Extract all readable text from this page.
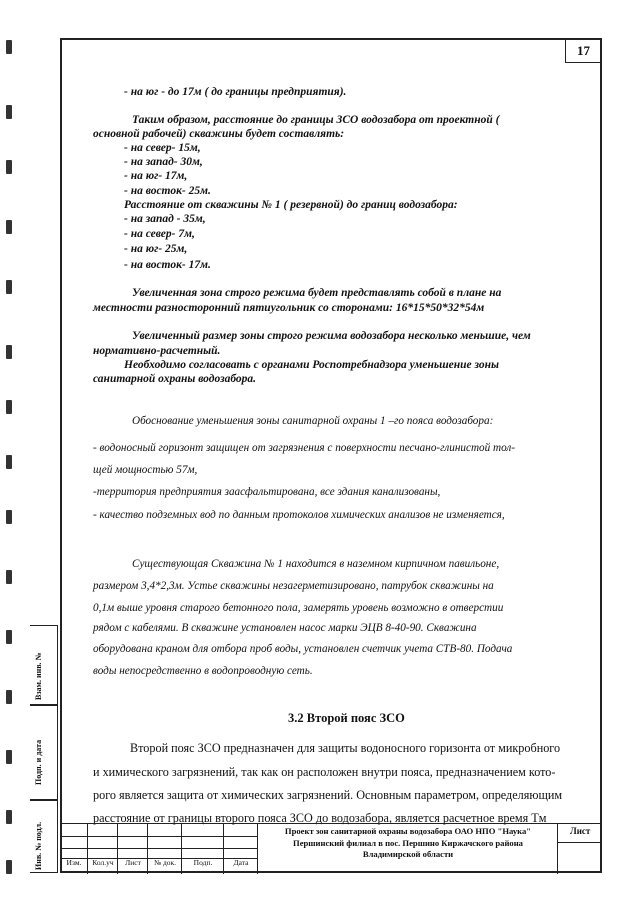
17
Взам. инв. №
Подп. и дата
Инв. № подл.
- на юг - до 17м ( до границы предприятия).
Таким образом, расстояние до границы ЗСО водозабора от проектной (
основной рабочей) скважины будет составлять:
- на север- 15м,
- на запад- 30м,
- на юг- 17м,
- на восток- 25м.
Расстояние от скважины № 1 ( резервной) до границ водозабора:
- на запад - 35м,
- на север- 7м,
- на юг- 25м,
- на восток- 17м.
Увеличенная зона строго режима будет представлять собой в плане на
местности разносторонний пятиугольник со сторонами: 16*15*50*32*54м
Увеличенный размер зоны строго режима водозабора несколько меньшие, чем
нормативно-расчетный.
Необходимо согласовать с органами Роспотребнадзора уменьшение зоны
санитарной охраны водозабора.
Обоснование уменьшения зоны санитарной охраны 1 –го пояса водозабора:
- водоносный горизонт защищен от загрязнения с поверхности песчано-глинистой тол-
щей мощностью 57м,
-территория предприятия заасфальтирована, все здания канализованы,
- качество подземных вод по данным протоколов химических анализов не изменяется,
Существующая Скважина № 1 находится в наземном кирпичном павильоне,
размером 3,4*2,3м. Устье скважины незагерметизировано, патрубок скважины на
0,1м выше уровня старого бетонного пола, замерять уровень возможно в отверстии
рядом с кабелями. В скважине установлен насос марки ЭЦВ 8-40-90. Скважина
оборудована краном для отбора проб воды, установлен счетчик учета СТВ-80. Подача
воды непосредственно в водопроводную сеть.
3.2 Второй пояс ЗСО
Второй пояс ЗСО предназначен для защиты водоносного горизонта от микробного
и химического загрязнений, так как он расположен внутри пояса, предназначением кото-
рого является защита от химических загрязнений. Основным параметром, определяющим
расстояние от границы второго пояса ЗСО до водозабора, является расчетное время Tм
Изм.	Кол.уч	Лист	№ док.	Подп.	Дата
Проект зон санитарной охраны водозабора ОАО НПО "Наука"
Першинский филиал в пос. Першино Киржачского района
Владимирской области
Лист
